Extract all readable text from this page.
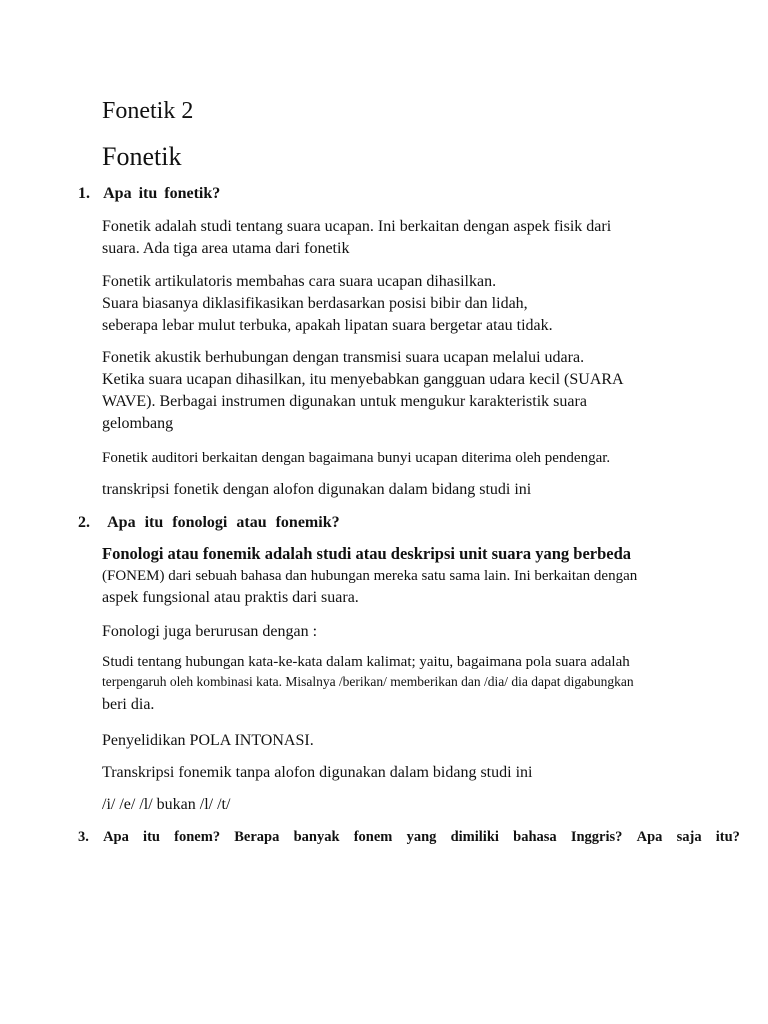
Fonetik 2
Fonetik
1. Apa itu fonetik?
Fonetik adalah studi tentang suara ucapan. Ini berkaitan dengan aspek fisik dari
suara. Ada tiga area utama dari fonetik
Fonetik artikulatoris membahas cara suara ucapan dihasilkan.
Suara biasanya diklasifikasikan berdasarkan posisi bibir dan lidah,
seberapa lebar mulut terbuka, apakah lipatan suara bergetar atau tidak.
Fonetik akustik berhubungan dengan transmisi suara ucapan melalui udara.
Ketika suara ucapan dihasilkan, itu menyebabkan gangguan udara kecil (SUARA
WAVE). Berbagai instrumen digunakan untuk mengukur karakteristik suara
gelombang
Fonetik auditori berkaitan dengan bagaimana bunyi ucapan diterima oleh pendengar.
transkripsi fonetik dengan alofon digunakan dalam bidang studi ini
2. Apa itu fonologi atau fonemik?
Fonologi atau fonemik adalah studi atau deskripsi unit suara yang berbeda
(FONEM) dari sebuah bahasa dan hubungan mereka satu sama lain. Ini berkaitan dengan
aspek fungsional atau praktis dari suara.
Fonologi juga berurusan dengan :
Studi tentang hubungan kata-ke-kata dalam kalimat; yaitu, bagaimana pola suara adalah
terpengaruh oleh kombinasi kata. Misalnya /berikan/ memberikan dan /dia/ dia dapat digabungkan
beri dia.
Penyelidikan POLA INTONASI.
Transkripsi fonemik tanpa alofon digunakan dalam bidang studi ini
/i/ /e/ /l/ bukan /l/ /t/
3. Apa itu fonem? Berapa banyak fonem yang dimiliki bahasa Inggris? Apa saja itu?
